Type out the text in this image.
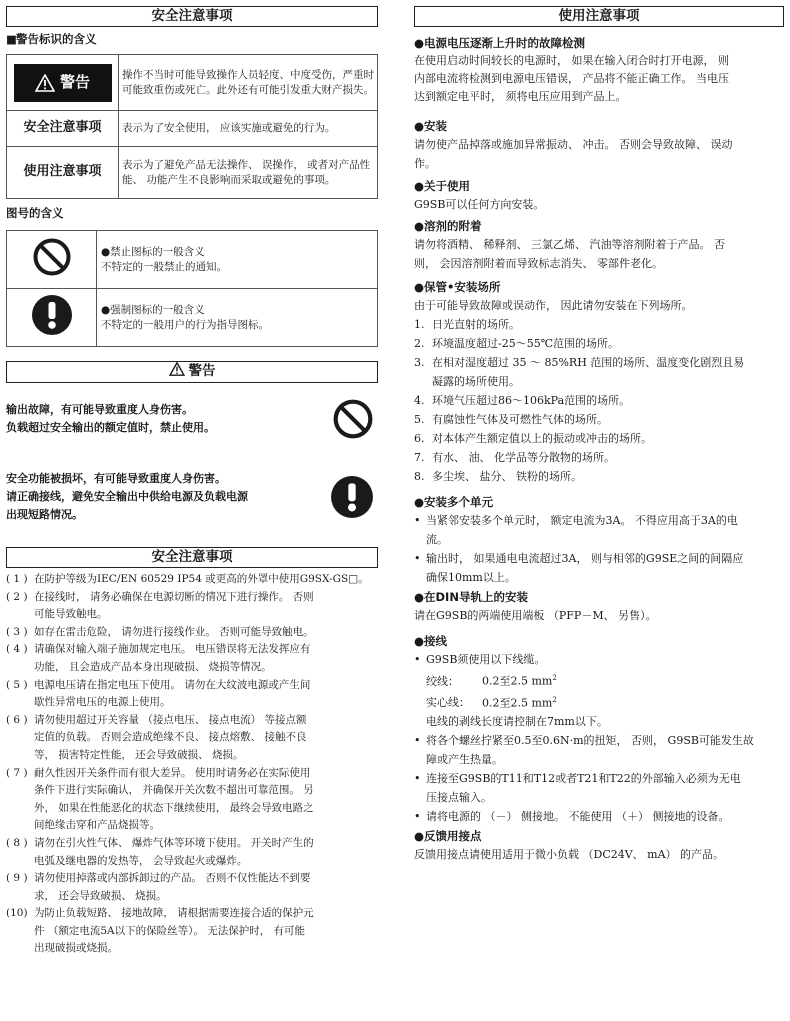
安全注意事项
■警告标识的含义
警告	操作不当时可能导致操作人员轻度、中度受伤，严重时可能致重伤或死亡。此外还有可能引发重大财产损失。
安全注意事项	表示为了安全使用， 应该实施或避免的行为。
使用注意事项	表示为了避免产品无法操作、 误操作， 或者对产品性能、 功能产生不良影响而采取或避免的事项。
图号的含义

●禁止图标的一般含义
不特定的一般禁止的通知。

●强制图标的一般含义
不特定的一般用户的行为指导图标。
警告
输出故障，有可能导致重度人身伤害。
负载超过安全输出的额定值时，禁止使用。
安全功能被损坏，有可能导致重度人身伤害。
请正确接线，避免安全输出中供给电源及负载电源
出现短路情况。
安全注意事项
( 1 ) 在防护等级为IEC/EN 60529 IP54 或更高的外罩中使用G9SX-GS□。
( 2 ) 在接线时， 请务必确保在电源切断的情况下进行操作。 否则
可能导致触电。
( 3 ) 如存在雷击危险， 请勿进行接线作业。 否则可能导致触电。
( 4 ) 请确保对输入端子施加规定电压。 电压错误将无法发挥应有
功能， 且会造成产品本身出现破损、 烧损等情况。
( 5 ) 电源电压请在指定电压下使用。 请勿在大纹波电源或产生间
歇性异常电压的电源上使用。
( 6 ) 请勿使用超过开关容量 （接点电压、 接点电流） 等接点额
定值的负载。 否则会造成绝缘不良、 接点熔敷、 接触不良
等， 损害特定性能， 还会导致破损、 烧损。
( 7 ) 耐久性因开关条件而有很大差异。 使用时请务必在实际使用
条件下进行实际确认， 并确保开关次数不超出可靠范围。 另
外， 如果在性能恶化的状态下继续使用， 最终会导致电路之
间绝缘击穿和产品烧损等。
( 8 ) 请勿在引火性气体、 爆炸气体等环境下使用。 开关时产生的
电弧及继电器的发热等， 会导致起火或爆炸。
( 9 ) 请勿使用掉落或内部拆卸过的产品。 否则不仅性能达不到要
求， 还会导致破损、 烧损。
(10) 为防止负载短路、 接地故障， 请根据需要连接合适的保护元
件 （额定电流5A以下的保险丝等）。 无法保护时， 有可能
出现破损或烧损。
使用注意事项
●电源电压逐渐上升时的故障检测
在使用启动时间较长的电源时， 如果在输入闭合时打开电源， 则
内部电流将检测到电源电压错误， 产品将不能正确工作。 当电压
达到额定电平时， 须将电压应用到产品上。
●安装
请勿使产品掉落或施加异常振动、 冲击。 否则会导致故障、 误动
作。
●关于使用
G9SB可以任何方向安装。
●溶剂的附着
请勿将酒精、 稀释剂、 三氯乙烯、 汽油等溶剂附着于产品。 否
则， 会因溶剂附着而导致标志消失、 零部件老化。
●保管•安装场所
由于可能导致故障或误动作， 因此请勿安装在下列场所。
1. 日光直射的场所。
2. 环境温度超过-25～55℃范围的场所。
3. 在相对湿度超过 35 ～ 85%RH 范围的场所、温度变化剧烈且易
凝露的场所使用。
4. 环境气压超过86～106kPa范围的场所。
5. 有腐蚀性气体及可燃性气体的场所。
6. 对本体产生额定值以上的振动或冲击的场所。
7. 有水、 油、 化学品等分散物的场所。
8. 多尘埃、 盐分、 铁粉的场所。
●安装多个单元
• 当紧邻安装多个单元时， 额定电流为3A。 不得应用高于3A的电
流。
• 输出时， 如果通电电流超过3A， 则与相邻的G9SE之间的间隔应
确保10mm以上。
●在DIN导轨上的安装
请在G9SB的两端使用端板 （PFP－M、 另售）。
●接线
• G9SB须使用以下线缆。
绞线： 0.2至2.5 $mm^2$
实心线： 0.2至2.5 $mm^2$
电线的剥线长度请控制在7mm以下。
• 将各个螺丝拧紧至0.5至0.6N·m的扭矩， 否则， G9SB可能发生故
障或产生热量。
• 连接至G9SB的T11和T12或者T21和T22的外部输入必须为无电
压接点输入。
• 请将电源的 （－） 侧接地。 不能使用 （＋） 侧接地的设备。
●反馈用接点
反馈用接点请使用适用于微小负载 （DC24V、 mA） 的产品。
